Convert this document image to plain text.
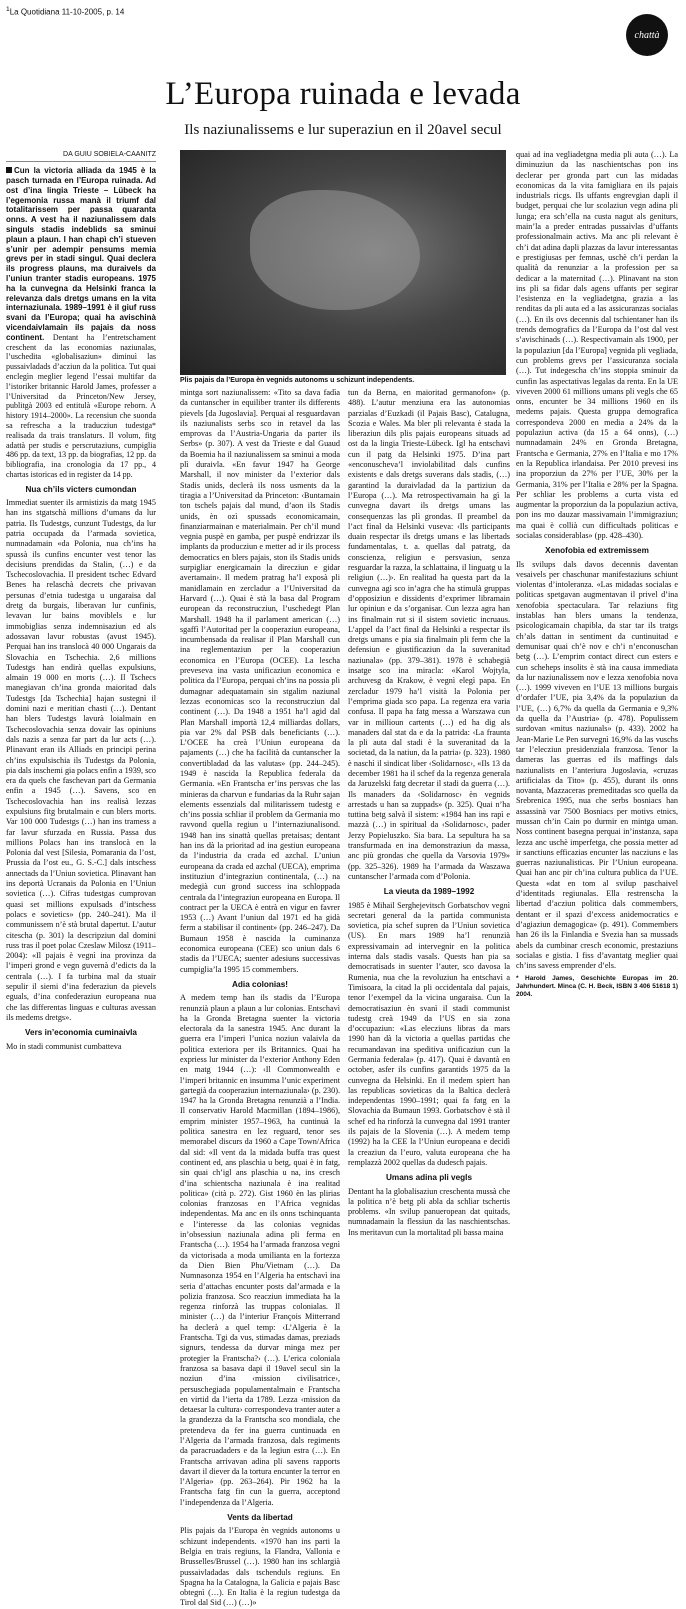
$^1$La Quotidiana 11-10-2005, p. 14
chattà
L’Europa ruinada e levada
Ils naziunalissems e lur superaziun en il 20avel secul
DA GUIU SOBIELA-CAANITZ
Cun la victoria alliada da 1945 è la pasch turnada en l’Europa ruinada. Ad ost d’ina lingia Trieste – Lübeck ha l’egemonia russa manà il triumf dal totalitarissem per passa quaranta onns. A vest ha il naziunalissem dals singuls stadis indeblids sa sminui plaun a plaun. I han chapì ch’i stueven s’unir per adempir pensums memia grevs per in stadi singul. Quai declera ils progress plauns, ma duraivels da l’uniun tranter stadis europeans. 1975 ha la cunvegna da Helsinki franca la relevanza dals dretgs umans en la vita internaziunala. 1989–1991 è il giuf russ svani da l’Europa; quai ha avischinà vicendaivlamain ils pajais da noss continent. Dentant ha l’entretschament creschent da las economias naziunalas, l’uschedita «globalisaziun» diminuì las pussaivladads d’acziun da la politica. Tut quai enclegìn meglier legend l’essai multifar da l’istoriker britannic Harold James, professer a l’Universitad da Princeton/New Jersey, publitgà 2003 ed entitulà «Europe reborn. A history 1914–2000». La recensiun che suonda sa refrescha a la traducziun tudestga* realisada da trais translaturs. Il volum, fitg adattà per studis e perscrutaziuns, cumpiglia 486 pp. da text, 13 pp. da biografias, 12 pp. da bibliografia, ina cronologia da 17 pp., 4 chartas istoricas ed in register da 14 pp.
Nua ch’ils victers cumondan
Immediat suenter ils armistizis da matg 1945 han ins stgatschà millions d’umans da lur patria. Ils Tudestgs, cunzunt Tudestgs, da lur patria occupada da l’armada sovietica, numnadamain «da Polonia, nua ch’ins ha spussà ils cunfins encunter vest tenor las decisiuns prendidas da Stalin, (…) e da Tschecoslovachia. Il president tschec Edvard Benes ha relaschà decrets che privavan persunas d’etnia tudestga u ungaraisa dal dretg da burgais, liberavan lur cunfinis, levavan lur bains moviblels e lur immobiglias senza indemnisaziun ed als adossavan lavur robustas (avust 1945). Perquai han ins translocà 40 000 Ungarais da Slovachia en Tschechia. 2,6 millions Tudestgs han endirà quellas expulsiuns, almain 19 000 en morts (…). Il Tschecs manegiavan ch’ina gronda maioritad dals Tudestgs [da Tschechia] hajan sustegnì il domini nazi e meritian chasti (…). Dentant han blers Tudestgs lavurà loialmain en Tschecoslovachia senza dovair las opiniuns dals nazis a senza far part da lur acts (…). Plinavant eran ils Alliads en principi perina ch’ins expulsischia ils Tudestgs da Polonia, pia dals inschemi gia polacs enfin a 1939, sco era da quels che faschevan part da Germania enfin a 1945 (…). Savens, sco en Tschecoslovachia han ins realisà lezzas expulsiuns fitg brutalmain e cun blers morts. Var 100 000 Tudestgs (…) han ins tramess a far lavur sfurzada en Russia. Passa dus millions Polacs han ins translocà en la Polonia dal vest [Silesia, Pomarania da l’ost, Prussia da l’ost eu., G. S.-C.] dals intschess annectads da l’Uniun sovietica. Plinavant han ins deportà Ucranais da Polonia en l’Uniun sovietica (…). Cifras tudestgas cumprovan quasi set millions expulsads d’intschess polacs e sovietics» (pp. 240–241). Ma il communissem n’è stà brutal dapertut. L’autur citescha (p. 301) la descripziun dal domini russ tras il poet polac Czeslaw Milosz (1911–2004): «Il pajais è vegnì ina provinza da l’imperi grond e vegn guvernà d’edicts da la centrala (…). I fa turbina mal da stuair sepulir il siemi d’ina federaziun da pievels eguals, d’ina confederaziun europeana nua che las differentas linguas e culturas avessan ils medems dretgs».
Vers in’economia cuminaivla
Mo in stadi communist cumbatteva
Plis pajais da l’Europa èn vegnids autonoms u schizunt independents.
mintga sort naziunalissem: «Tito sa dava fadìa da cuntanscher in equiliber tranter ils differents pievels [da Jugoslavia]. Perquai al resguardavan ils naziunalists serbs sco in retavel da las emprovas da l’Austria-Ungaria da parter ils Serbs» (p. 307). A vest da Trieste e dal Guaud da Boemia ha il naziunalissem sa sminui a moda plì duraivla. «En favur 1947 ha George Marshall, il nov minister da l’exterior dals Stadis unids, declerà ils noss usments da la tiragia a l’Universitad da Princeton: ‹Buntamain ton tschels pajais dal mund, d’aon ils Stadis unids, èn ozì spussads economicamain, finanziarmainan e materialmain. Per ch’il mund vegnia puspè en gamba, per puspè endrizzar ils implants da producziun e metter ad ir ils process democratics en blers pajais, ston ils Stadis unids surpigliar energicamain la direcziun e gidar avertamain›. Il medem pratrag ha’l exposà pli manidlamain en zercladur a l’Universitad da Harvard (…). Quai è stà la basa dal Program european da reconstrucziun, l’uschedegt Plan Marshall. 1948 ha il parlament american (…) sgaffì l’Autoritad per la cooperaziun europeana, incumbensada da realisar il Plan Marshall cun ina reglementaziun per la cooperaziun economica en l’Europa (OCEE). La lescha preveseva ina vasta unificaziun economica e politica da l’Europa, perquai ch’ins na possia pli dumagnar adequatamain sin stgalim naziunal lezzas economicas sco la reconstrucziun dal continent (…). Da 1948 a 1951 ha’l agid dal Plan Marshall importà 12,4 milliardas dollars, pia var 2% dal PSB dals beneficiants (…). L’OCEE ha creà l’Uniun europeana da pajaments (…) che ha facilità da cuntanscher la convertibladad da las valutas» (pp. 244–245). 1949 è nascida la Republica federala da Germania. «En Frantscha er’ins persvas che las minieras da charvun e fundarias da la Ruhr sajan elements essenzials dal militarissem tudestg e ch’ins possia schliar il problem da Germania mo ravvond quella regiun u l’internaziunalisond. 1948 han ins sinattà quellas pretaisas; dentant han ins dà la prioritad ad ina gestiun europeana da l’industria da crada ed azchal. L’uniun europeana da crada ed azchal (UECA), emprima instituziun d’integraziun continentala, (…) na medegià cun grond success ina schloppada centrala da l’integraziun europeana en Europa. Il contract per la UECA è entrà en vigur en favrer 1953 (…) Avant l’uniun dal 1971 ed ha gidà ferm a stabilisar il continent» (pp. 246–247). Da Bumaun 1958 è nascida la cuminanza economica europeana (CEE) sco uniun dals 6 stadis da l’UECA; suenter adesiuns successivas cumpiglia’la 1995 15 commembers.
Adia colonias!
A medem temp han ils stadis da l’Europa renunzià plaun a plaun a lur colonias. Entschavì ha la Gronda Bretagna suenter la victoria electorala da la sanestra 1945. Anc durant la guerra era l’imperi l’unica noziun valaivla da politica exteriora per ils Britannics. Quai ha expriess lur minister da l’exterior Anthony Eden en matg 1944 (…): ‹Il Commonwealth e l’imperi britannic en insumma l’unic experiment gartegià da cooperaziun internaziunala› (p. 230). 1947 ha la Gronda Bretagna renunzià a l’India. Il conservativ Harold Macmillan (1894–1986), emprim minister 1957–1963, ha cuntinuà la politica sanestra en lez reguard, tenor ses memorabel discurs da 1960 a Cape Town/Africa dal sid: «Il vent da la midada buffa tras quest continent ed, ans plaschia u betg, quai è in fatg, sin quai ch’igl ans plaschia u na, ins cresch d’ina schientscha naziunala è ina realitad politica» (cità p. 272). Gist 1960 èn las plirias colonias franzosas en l’Africa vegnidas independentas. Ma anc en ils onns tschinquanta e l’interesse da las colonias vegnidas in’obsessiun naziunala adina pli ferma en Frantscha (…). 1954 ha l’armada franzosa vegnì da victorisada a moda umilianta en la fortezza da Dien Bien Phu/Vietnam (…). Da Numnasonza 1954 en l’Algeria ha entschavì ina seria d’attachas encunter posts dal’armada e la polizia franzosa. Sco reacziun immediata ha la regenza rinforzà las truppas colonialas. Il minister (…) da l’interiur François Mitterrand ha declerà a quel temp: ‹L’Algeria è la Frantscha. Tgi da vus, stimadas damas, preziads signurs, tendessa da durvar minga mez per protegier la Frantscha?› (…). L’erica coloniala franzosa sa basava dapi il 19avel secul sin la noziun d’ina ‹mission civilisatrice›, persuschegiada populamentalmain e Frantscha en virtid da l’ierta da 1789. Lezza ‹mission da detaesar la cultura› correspondeva tranter auter a la grandezza da la Frantscha sco mondiala, che pretendeva da fer ina guerra cuntinuada en l’Algeria da l’armada franzosa, dals regiments da paracruadaders e da la legiun estra (…). En Frantscha arrivavan adina pli savens rapports davart il diever da la tortura encunter la terror en l’Algeria» (pp. 263–264). Pir 1962 ha la Frantscha fatg fin cun la guerra, acceptond l’independenza da l’Algeria.
Vents da libertad
Plis pajais da l’Europa èn vegnids autonoms u schizunt independents. «1970 han ins parti la Belgia en trais regiuns, la Flandra, Vallonia e Brusselles/Brussel (…). 1980 han ins schlargià pussaivladadas dals tschenduls regiuns. En Spagna ha la Catalogna, la Galicia e pajais Basc obtegnì (…). En Italia è la regiun tudestga da Tirol dal Sid (…) (…)»
tun da Berna, en maioritad germanofon» (p. 488). L’autur menziuna era las autonomias parzialas d’Euzkadi (il Pajais Basc), Catalugna, Scozia e Wales. Ma bler pli relevanta è stada la liberaziun dils plis pajais europeans situads ad ost da la lingia Trieste-Lübeck. Igl ha entschavì cun il patg da Helsinki 1975. D’ina part «enconuscheva’l inviolabilitad dals cunfins existents e dals dretgs suverans dals stadis, (…) garantind la duraivladad da la partiziun da l’Europa (…). Ma retrospectivamain ha gì la cunvegna davart ils dretgs umans las consequenzas las plì grondas. Il preambel da l’act final da Helsinki vuseva: ‹Ils participants duain respectar ils dretgs umans e las libertads fundamentalas, t. a. quellas dal patratg, da conscienza, religiun e persvasiun, senza resguardar la razza, la schlattaina, il linguatg u la religiun (…)›. En realitad ha questa part da la cunvegna agì sco in’agra che ha stimulà gruppas d’opposiziun e dissidents d’exprimer libramain lur opiniun e da s’organisar. Cun lezza agra han ins finalmain rut si il sistem sovietic incruaus. L’appel da l’act final da Helsinki a respectar ils dretgs umans e pia sia finalmain pli ferm che la defensiun e giustificaziun da la suveranitad naziunala» (pp. 379–381). 1978 è schabegià insatge sco ina miracla: «Karol Wojtyla, archuvesg da Krakow, è vegnì elegì papa. En zercladur 1979 ha’l visità la Polonia per l’emprima giada sco papa. La regenza era varia confusa. Il papa ha fatg messa a Warszawa cun var in millioun cartents (…) ed ha dig als manaders dal stat da e da la patrida: ‹La fraunta la pli auta dal stadi è la suveranitad da la societad, da la natiun, da la patria› (p. 323). 1980 è naschì il sindicat liber ‹Solidarnosc›, «Ils 13 da december 1981 ha il schef da la regenza generala da Jaruzelski fatg decretar il stadi da guerra (…). Ils manaders da ‹Solidarnosc› èn vegnids arrestads u han sa zuppads» (p. 325). Quai n’ha tuttina betg salvà il sistem: «1984 han ins rapì e mazzà (…) in spiritual da ‹Solidarnosc›, pader Jerzy Popieluszko. Sia bara. La sepultura ha sa transfurmada en ina demonstraziun da massa, anc più grondas che quella da Varsovia 1979» (pp. 325–326). 1989 ha l’armada da Waszawa cuntanscher l’armada com d’Polonia.
La vieuta da 1989–1992
1985 è Mihail Serghejevitsch Gorbatschov vegnì secretari general da la partida communista sovietica, pia schef supren da l’Uniun sovietica (US). En mars 1989 ha’l renunzià expressivamain ad intervegnir en la politica interna dals stadis vasals. Quests han pia sa democratisads in suenter l’auter, sco davosa la Rumenia, nua che la revoluziun ha entschavì a Timisoara, la citad la pli occidentala dal pajais, tenor l’exempel da la vicina ungaraisa. Cun la democratisaziun èn svanì il stadi communist tudestg creà 1949 da l’US en sia zona d’occupaziun: «Las elecziuns libras da mars 1990 han dà la victoria a quellas partidas che recumandavan ina speditiva unificaziun cun la Germania federala» (p. 417). Quai è davantà en october, asfer ils cunfins garantids 1975 da la cunvegna da Helsinki. En il medem spiert han las republicas sovieticas da la Baltica declerà independentas 1990–1991; quai fa fatg en la Slovachia da Bumaun 1993. Gorbatschov è stà il schef ed ha rinforzà la cunvegna dal 1991 tranter ils pajais de la Slovenia (…). A medem temp (1992) ha la CEE la l’Uniun europeana e decidì la creaziun da l’euro, valuta europeana che ha remplazzà 2002 quellas da dudesch pajais.
Umans adina pli vegls
Dentant ha la globalisaziun creschenta mussà che la politica n’è betg pli abla da schliar tschertis problems. «In svilup panueropean dat quitads, numnadamain la flessiun da las naschientschas. Ins meritavun cun la mortalitad pli bassa maina
quai ad ina vegliadetgna media pli auta (…). La diminuziun da las naschientschas pon ins declerar per gronda part cun las midadas economicas da la vita famigliara en ils pajais industrials ricgs. Ils uffants engrevgian dapli il budget, perquai che lur scolaziun vegn adina pli lunga; era sch’ella na custa nagut als geniturs, main’la a preder entradas pussaivlas d’uffants professionalmain activs. Ma anc pli relevant è ch’i dat adina dapli plazzas da lavur interessantas e prestigiusas per femnas, uschè ch’i perdan la qualità da renunziar a la profession per sa dedicar a la maternitad (…). Plinavant na ston ins pli sa fidar dals agens uffants per segirar l’esistenza en la vegliadetgna, grazia a las renditas da pli auta ed a las assicuranzas socialas (…). En ils ovs decennis dal tschientaner han ils trends demografics da l’Europa da l’ost dal vest s’avischinads (…). Respectivamain als 1900, per la populaziun [da l’Europa] vegnida pli vegliada, cun problems grevs per l’assicuranza sociala (…). Tut indegescha ch’ins stoppia sminuir da cunfin las aspectativas legalas da renta. En la UE viveven 2000 61 millions umans pli vegls che 65 onns, encunter be 34 millions 1960 en ils medems pajais. Questa gruppa demografica correspondeva 2000 en media a 24% da la populaziun activa (da 15 a 64 onns), (…) numnadamain 24% en Gronda Bretagna, Frantscha e Germania, 27% en l’Italia e mo 17% en la Republica irlandaisa. Per 2010 prevesi ins ina proporziun da 27% per l’UE, 30% per la Germania, 31% per l’Italia e 28% per la Spagna. Per schliar les problems a curta vista ed augmentar la proporziun da la populaziun activa, pon ins mo dauzar massivamain l’immigraziun; ma quai è collià cun difficultads politicas e socialas considerablas» (pp. 428–430).
Xenofobia ed extremissem
Ils svilups dals davos decennis daventan vesaivels per chaschunar manifestaziuns schiunt violentas d’intoleranza. «Las midadas socialas e politicas spetgavan augmentavan il privel d’ina xenofobia spectaculara. Tar relaziuns fitg instablas han blers umans la tendenza, psicologicamain chapibla, da star tar ils tratgs ch’als dattan in sentiment da cuntinuitad e demunisar quai ch’è nov e ch’i n’enconuschan betg (…). L’emprim contact direct cun esters e cun scheheps insolits è stà ina causa immediata da lur naziunalissem nov e lezza xenofobia nova (…). 1999 viveven en l’UE 13 millions burgais d’ordafer l’UE, pia 3,4% da la populaziun da l’UE, (…) 6,7% da quella da Germania e 9,3% da quella da l’Austria» (p. 478). Populissem surdovan «mitus naziunals» (p. 433). 2002 ha Jean-Marie Le Pen survegnì 16,9% da las vuschs tar l’elecziun presidenziala franzosa. Tenor la dameras las guerras ed ils maffings dals naziunalists en l’anteriura Jugoslavia, «cruzas artificialas da Tito» (p. 455), durant ils onns novanta, Mazzaceras premeditadas sco quella da Srebrenica 1995, nua che serbs bosniacs han assassinà var 7500 Bosniacs per motivs etnics, mussan ch’in Cain po durmir en mintga uman. Noss continent basegna perquai in’instanza, sapa lezza anc uschè imperfetga, che possia metter ad ir sanctiuns efficazias encunter las nacziuns e las guerras naziunalisticas. Pir l’Uniun europeana. Quai han anc pir ch’ina cultura publica da l’UE. Questa «dat en tom al svilup paschaivel d’identitads regiunalas. Ella restrenscha la libertad d’acziun politica dals commembers, dentant er il spazi d’excess anidemocratics e d’agiaziun demagogica» (p. 491). Commembers han 26 ils la Finlandia e Svezia han sa mussads abels da cumbinar cresch economic, prestaziuns socialas e gistia. I fiss d’avantatg meglier quai ch’ins savess emprender d’els.
* Harold James, Geschichte Europas im 20. Jahrhundert. Minca (C. H. Beck, ISBN 3 406 51618 1) 2004.
